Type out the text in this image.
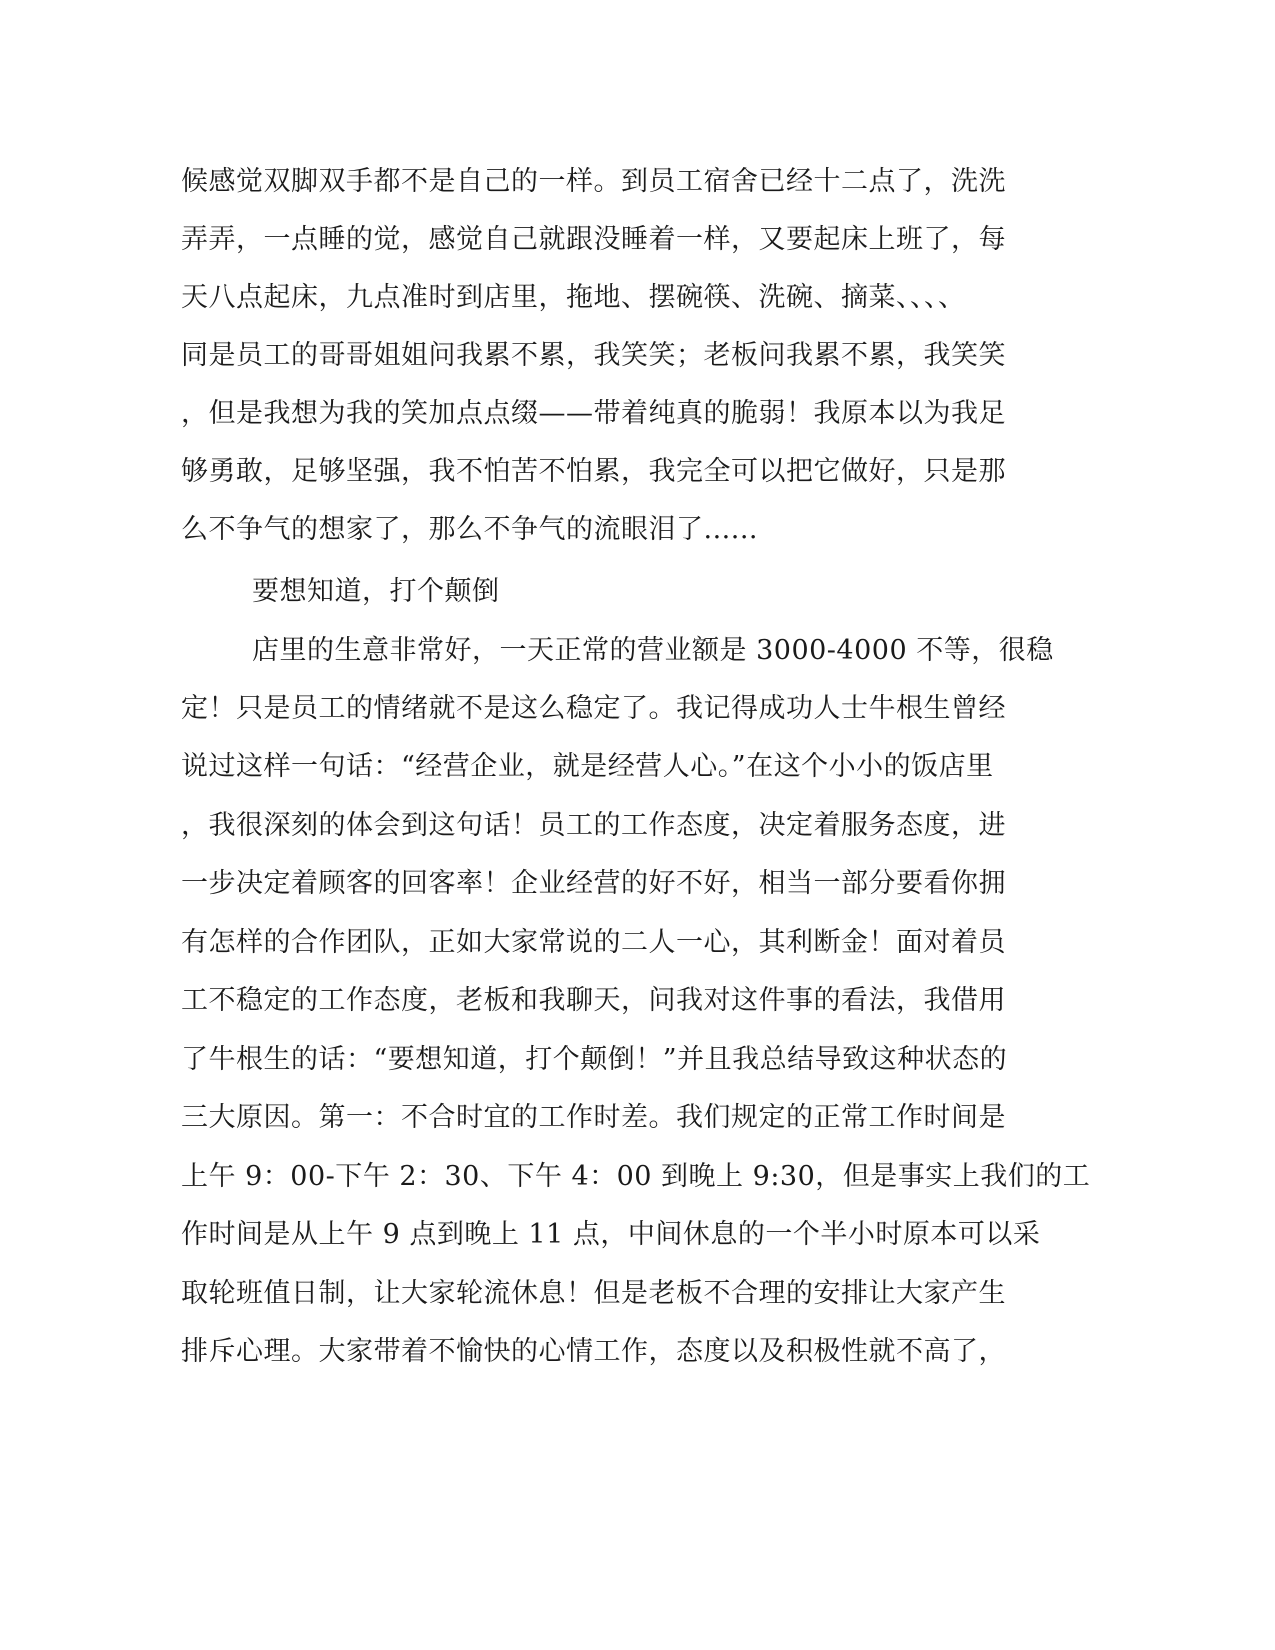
候感觉双脚双手都不是自己的一样。到员工宿舍已经十二点了，洗洗
弄弄，一点睡的觉，感觉自己就跟没睡着一样，又要起床上班了，每
天八点起床，九点准时到店里，拖地、摆碗筷、洗碗、摘菜、、、、
同是员工的哥哥姐姐问我累不累，我笑笑；老板问我累不累，我笑笑
，但是我想为我的笑加点点缀——带着纯真的脆弱！我原本以为我足
够勇敢，足够坚强，我不怕苦不怕累，我完全可以把它做好，只是那
么不争气的想家了，那么不争气的流眼泪了......
要想知道，打个颠倒
店里的生意非常好，一天正常的营业额是 3000-4000 不等，很稳
定！只是员工的情绪就不是这么稳定了。我记得成功人士牛根生曾经
说过这样一句话：“经营企业，就是经营人心。”在这个小小的饭店里
，我很深刻的体会到这句话！员工的工作态度，决定着服务态度，进
一步决定着顾客的回客率！企业经营的好不好，相当一部分要看你拥
有怎样的合作团队，正如大家常说的二人一心，其利断金！面对着员
工不稳定的工作态度，老板和我聊天，问我对这件事的看法，我借用
了牛根生的话：“要想知道，打个颠倒！”并且我总结导致这种状态的
三大原因。第一：不合时宜的工作时差。我们规定的正常工作时间是
上午 9：00-下午 2：30、下午 4：00 到晚上 9:30，但是事实上我们的工
作时间是从上午 9 点到晚上 11 点，中间休息的一个半小时原本可以采
取轮班值日制，让大家轮流休息！但是老板不合理的安排让大家产生
排斥心理。大家带着不愉快的心情工作，态度以及积极性就不高了，
